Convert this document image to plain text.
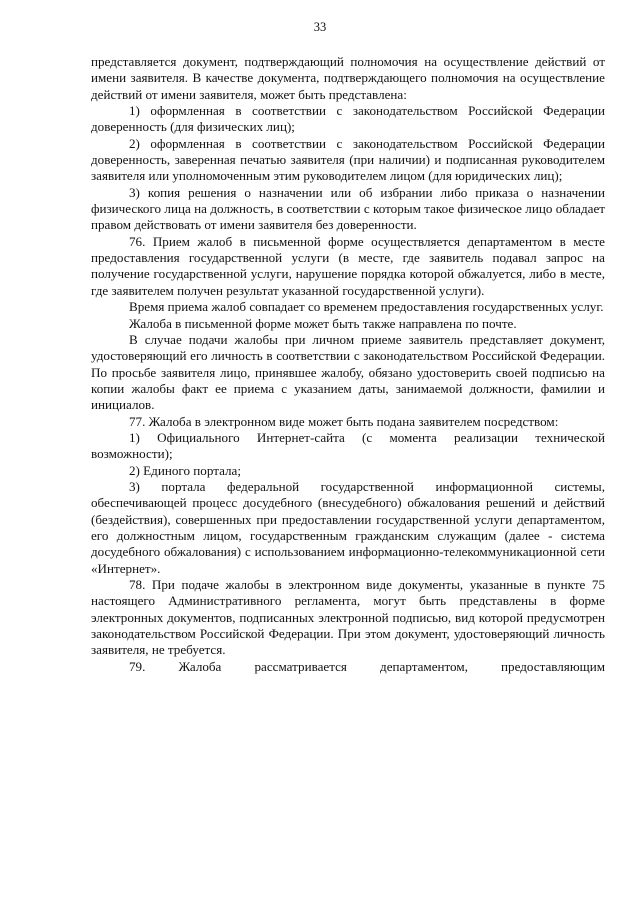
33

представляется документ, подтверждающий полномочия на осуществление действий от имени заявителя. В качестве документа, подтверждающего полномочия на осуществление действий от имени заявителя, может быть представлена:

1) оформленная в соответствии с законодательством Российской Федерации доверенность (для физических лиц);

2) оформленная в соответствии с законодательством Российской Федерации доверенность, заверенная печатью заявителя (при наличии) и подписанная руководителем заявителя или уполномоченным этим руководителем лицом (для юридических лиц);

3) копия решения о назначении или об избрании либо приказа о назначении физического лица на должность, в соответствии с которым такое физическое лицо обладает правом действовать от имени заявителя без доверенности.

76. Прием жалоб в письменной форме осуществляется департаментом в месте предоставления государственной услуги (в месте, где заявитель подавал запрос на получение государственной услуги, нарушение порядка которой обжалуется, либо в месте, где заявителем получен результат указанной государственной услуги).

Время приема жалоб совпадает со временем предоставления государственных услуг.

Жалоба в письменной форме может быть также направлена по почте.

В случае подачи жалобы при личном приеме заявитель представляет документ, удостоверяющий его личность в соответствии с законодательством Российской Федерации. По просьбе заявителя лицо, принявшее жалобу, обязано удостоверить своей подписью на копии жалобы факт ее приема с указанием даты, занимаемой должности, фамилии и инициалов.

77. Жалоба в электронном виде может быть подана заявителем посредством:

1) Официального Интернет-сайта (с момента реализации технической возможности);

2) Единого портала;

3) портала федеральной государственной информационной системы, обеспечивающей процесс досудебного (внесудебного) обжалования решений и действий (бездействия), совершенных при предоставлении государственной услуги департаментом, его должностным лицом, государственным гражданским служащим (далее - система досудебного обжалования) с использованием информационно-телекоммуникационной сети «Интернет».

78. При подаче жалобы в электронном виде документы, указанные в пункте 75 настоящего Административного регламента, могут быть представлены в форме электронных документов, подписанных электронной подписью, вид которой предусмотрен законодательством Российской Федерации. При этом документ, удостоверяющий личность заявителя, не требуется.

79. Жалоба рассматривается департаментом, предоставляющим
